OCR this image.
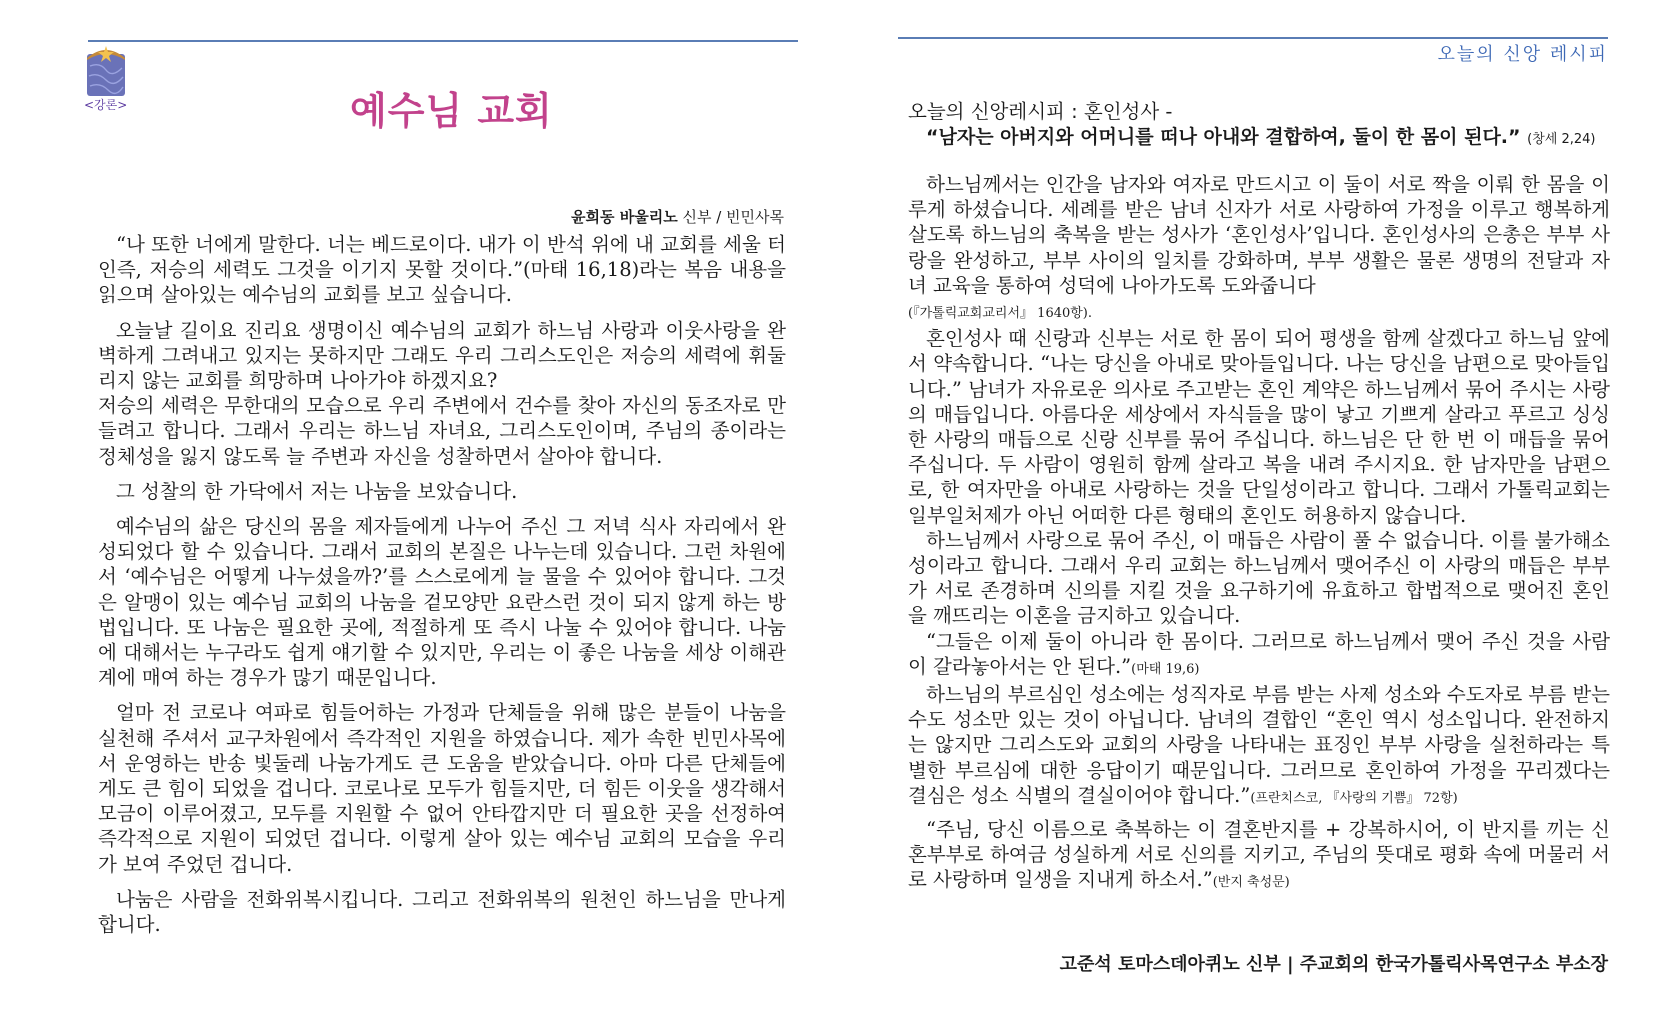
<강론>	예수님 교회
윤희동 바울리노 신부 / 빈민사목

“나 또한 너에게 말한다. 너는 베드로이다. 내가 이 반석 위에 내 교회를 세울 터인즉, 저승의 세력도 그것을 이기지 못할 것이다.”(마태 16,18)라는 복음 내용을 읽으며 살아있는 예수님의 교회를 보고 싶습니다.

오늘날 길이요 진리요 생명이신 예수님의 교회가 하느님 사랑과 이웃사랑을 완벽하게 그려내고 있지는 못하지만 그래도 우리 그리스도인은 저승의 세력에 휘둘리지 않는 교회를 희망하며 나아가야 하겠지요?

저승의 세력은 무한대의 모습으로 우리 주변에서 건수를 찾아 자신의 동조자로 만들려고 합니다. 그래서 우리는 하느님 자녀요, 그리스도인이며, 주님의 종이라는 정체성을 잃지 않도록 늘 주변과 자신을 성찰하면서 살아야 합니다.

그 성찰의 한 가닥에서 저는 나눔을 보았습니다.

예수님의 삶은 당신의 몸을 제자들에게 나누어 주신 그 저녁 식사 자리에서 완성되었다 할 수 있습니다. 그래서 교회의 본질은 나누는데 있습니다. 그런 차원에서 ‘예수님은 어떻게 나누셨을까?’를 스스로에게 늘 물을 수 있어야 합니다. 그것은 알맹이 있는 예수님 교회의 나눔을 겉모양만 요란스런 것이 되지 않게 하는 방법입니다. 또 나눔은 필요한 곳에, 적절하게 또 즉시 나눌 수 있어야 합니다. 나눔에 대해서는 누구라도 쉽게 얘기할 수 있지만, 우리는 이 좋은 나눔을 세상 이해관계에 매여 하는 경우가 많기 때문입니다.

얼마 전 코로나 여파로 힘들어하는 가정과 단체들을 위해 많은 분들이 나눔을 실천해 주셔서 교구차원에서 즉각적인 지원을 하였습니다. 제가 속한 빈민사목에서 운영하는 반송 빛둘레 나눔가게도 큰 도움을 받았습니다. 아마 다른 단체들에게도 큰 힘이 되었을 겁니다. 코로나로 모두가 힘들지만, 더 힘든 이웃을 생각해서 모금이 이루어졌고, 모두를 지원할 수 없어 안타깝지만 더 필요한 곳을 선정하여 즉각적으로 지원이 되었던 겁니다. 이렇게 살아 있는 예수님 교회의 모습을 우리가 보여 주었던 겁니다.

나눔은 사람을 전화위복시킵니다. 그리고 전화위복의 원천인 하느님을 만나게 합니다.

오늘의 신앙 레시피
오늘의 신앙레시피 : 혼인성사 -
“남자는 아버지와 어머니를 떠나 아내와 결합하여, 둘이 한 몸이 된다.” (창세 2,24)

하느님께서는 인간을 남자와 여자로 만드시고 이 둘이 서로 짝을 이뤄 한 몸을 이루게 하셨습니다. 세례를 받은 남녀 신자가 서로 사랑하여 가정을 이루고 행복하게 살도록 하느님의 축복을 받는 성사가 ‘혼인성사’입니다. 혼인성사의 은총은 부부 사랑을 완성하고, 부부 사이의 일치를 강화하며, 부부 생활은 물론 생명의 전달과 자녀 교육을 통하여 성덕에 나아가도록 도와줍니다
(『가톨릭교회교리서』 1640항).

혼인성사 때 신랑과 신부는 서로 한 몸이 되어 평생을 함께 살겠다고 하느님 앞에서 약속합니다. “나는 당신을 아내로 맞아들입니다. 나는 당신을 남편으로 맞아들입니다.” 남녀가 자유로운 의사로 주고받는 혼인 계약은 하느님께서 묶어 주시는 사랑의 매듭입니다. 아름다운 세상에서 자식들을 많이 낳고 기쁘게 살라고 푸르고 싱싱한 사랑의 매듭으로 신랑 신부를 묶어 주십니다. 하느님은 단 한 번 이 매듭을 묶어 주십니다. 두 사람이 영원히 함께 살라고 복을 내려 주시지요. 한 남자만을 남편으로, 한 여자만을 아내로 사랑하는 것을 단일성이라고 합니다. 그래서 가톨릭교회는 일부일처제가 아닌 어떠한 다른 형태의 혼인도 허용하지 않습니다.

하느님께서 사랑으로 묶어 주신, 이 매듭은 사람이 풀 수 없습니다. 이를 불가해소성이라고 합니다. 그래서 우리 교회는 하느님께서 맺어주신 이 사랑의 매듭은 부부가 서로 존경하며 신의를 지킬 것을 요구하기에 유효하고 합법적으로 맺어진 혼인을 깨뜨리는 이혼을 금지하고 있습니다.

“그들은 이제 둘이 아니라 한 몸이다. 그러므로 하느님께서 맺어 주신 것을 사람이 갈라놓아서는 안 된다.”(마태 19,6)

하느님의 부르심인 성소에는 성직자로 부름 받는 사제 성소와 수도자로 부름 받는 수도 성소만 있는 것이 아닙니다. 남녀의 결합인 “혼인 역시 성소입니다. 완전하지는 않지만 그리스도와 교회의 사랑을 나타내는 표징인 부부 사랑을 실천하라는 특별한 부르심에 대한 응답이기 때문입니다. 그러므로 혼인하여 가정을 꾸리겠다는 결심은 성소 식별의 결실이어야 합니다.”(프란치스코, 『사랑의 기쁨』 72항)

“주님, 당신 이름으로 축복하는 이 결혼반지를 + 강복하시어, 이 반지를 끼는 신혼부부로 하여금 성실하게 서로 신의를 지키고, 주님의 뜻대로 평화 속에 머물러 서로 사랑하며 일생을 지내게 하소서.”(반지 축성문)

고준석 토마스데아퀴노 신부 | 주교회의 한국가톨릭사목연구소 부소장
